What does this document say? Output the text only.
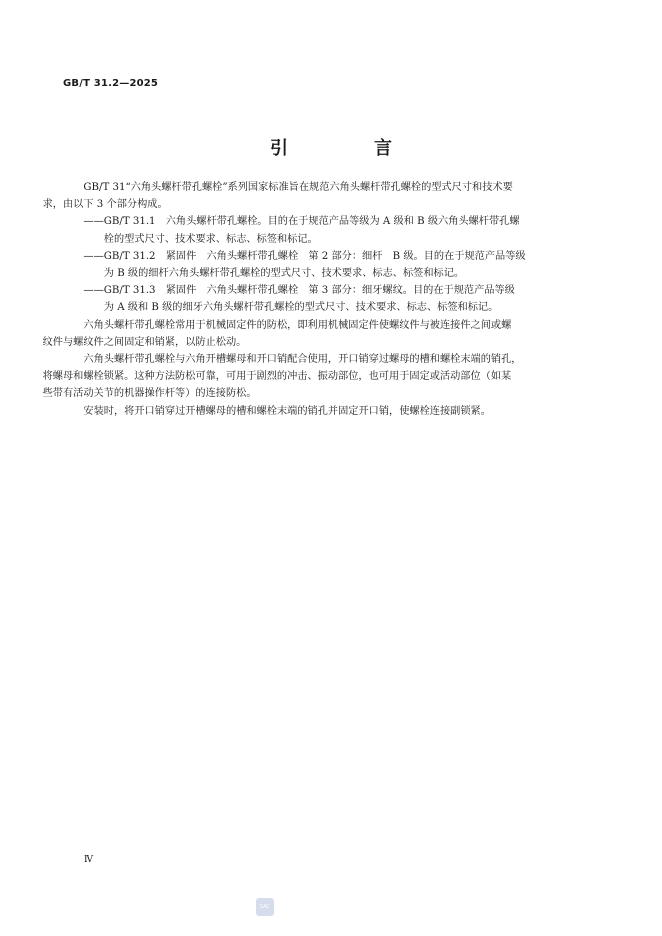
GB/T 31.2—2025
引　言
GB/T 31“六角头螺杆带孔螺栓”系列国家标准旨在规范六角头螺杆带孔螺栓的型式尺寸和技术要
求，由以下 3 个部分构成。
—— GB/T 31.1　六角头螺杆带孔螺栓。目的在于规范产品等级为 A 级和 B 级六角头螺杆带孔螺
栓的型式尺寸、技术要求、标志、标签和标记。
—— GB/T 31.2　紧固件　六角头螺杆带孔螺栓　第 2 部分：细杆　B 级。目的在于规范产品等级
为 B 级的细杆六角头螺杆带孔螺栓的型式尺寸、技术要求、标志、标签和标记。
—— GB/T 31.3　紧固件　六角头螺杆带孔螺栓　第 3 部分：细牙螺纹。目的在于规范产品等级
为 A 级和 B 级的细牙六角头螺杆带孔螺栓的型式尺寸、技术要求、标志、标签和标记。
六角头螺杆带孔螺栓常用于机械固定件的防松，即利用机械固定件使螺纹件与被连接件之间或螺
纹件与螺纹件之间固定和销紧，以防止松动。
六角头螺杆带孔螺栓与六角开槽螺母和开口销配合使用，开口销穿过螺母的槽和螺栓末端的销孔，
将螺母和螺栓锁紧。这种方法防松可靠，可用于剧烈的冲击、振动部位，也可用于固定或活动部位（如某
些带有活动关节的机器操作杆等）的连接防松。
安装时，将开口销穿过开槽螺母的槽和螺栓末端的销孔并固定开口销，使螺栓连接副锁紧。
Ⅳ
SAC
